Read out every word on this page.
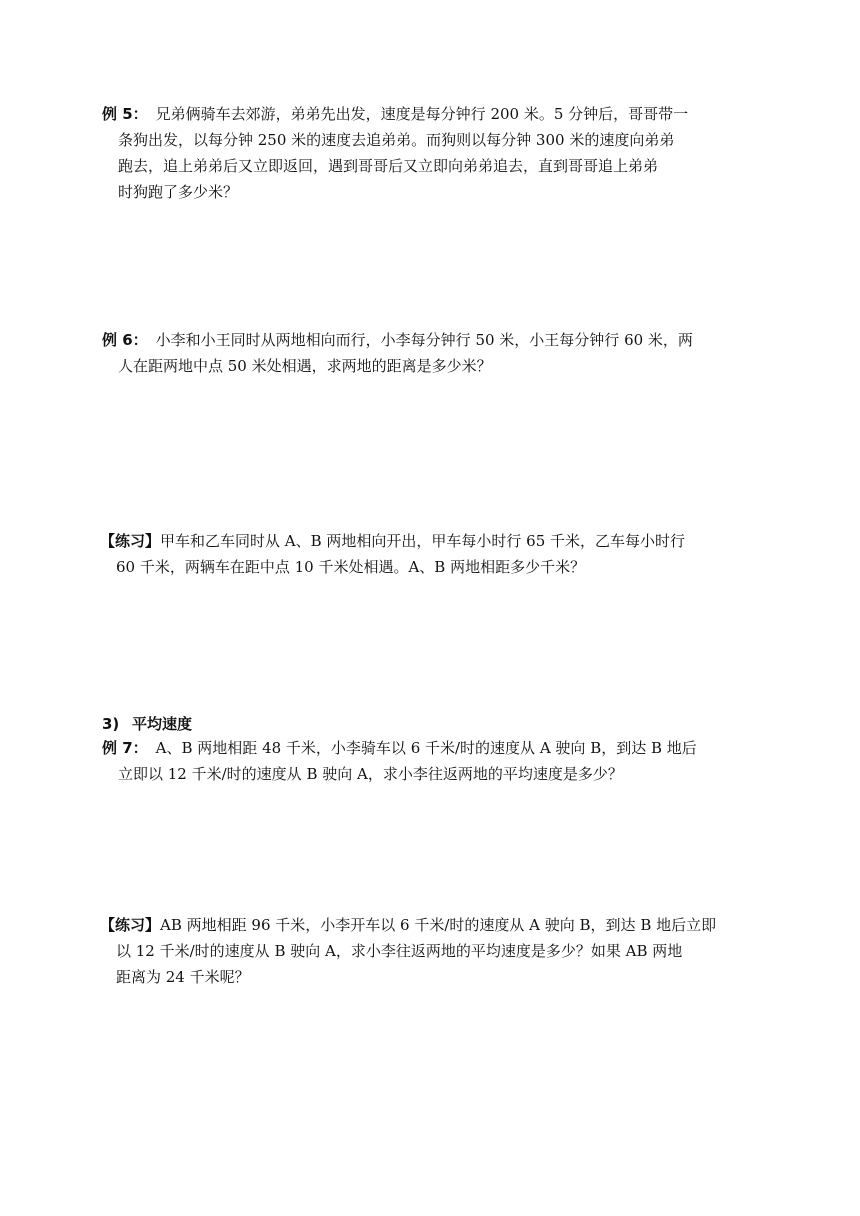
例 5： 兄弟俩骑车去郊游，弟弟先出发，速度是每分钟行 200 米。5 分钟后，哥哥带一
条狗出发，以每分钟 250 米的速度去追弟弟。而狗则以每分钟 300 米的速度向弟弟
跑去，追上弟弟后又立即返回，遇到哥哥后又立即向弟弟追去，直到哥哥追上弟弟
时狗跑了多少米？
例 6： 小李和小王同时从两地相向而行，小李每分钟行 50 米，小王每分钟行 60 米，两
人在距两地中点 50 米处相遇，求两地的距离是多少米？
【练习】甲车和乙车同时从 A、B 两地相向开出，甲车每小时行 65 千米，乙车每小时行
60 千米，两辆车在距中点 10 千米处相遇。A、B 两地相距多少千米？
3) 平均速度
例 7： A、B 两地相距 48 千米，小李骑车以 6 千米/时的速度从 A 驶向 B，到达 B 地后
立即以 12 千米/时的速度从 B 驶向 A，求小李往返两地的平均速度是多少？
【练习】AB 两地相距 96 千米，小李开车以 6 千米/时的速度从 A 驶向 B，到达 B 地后立即
以 12 千米/时的速度从 B 驶向 A，求小李往返两地的平均速度是多少？如果 AB 两地
距离为 24 千米呢？
